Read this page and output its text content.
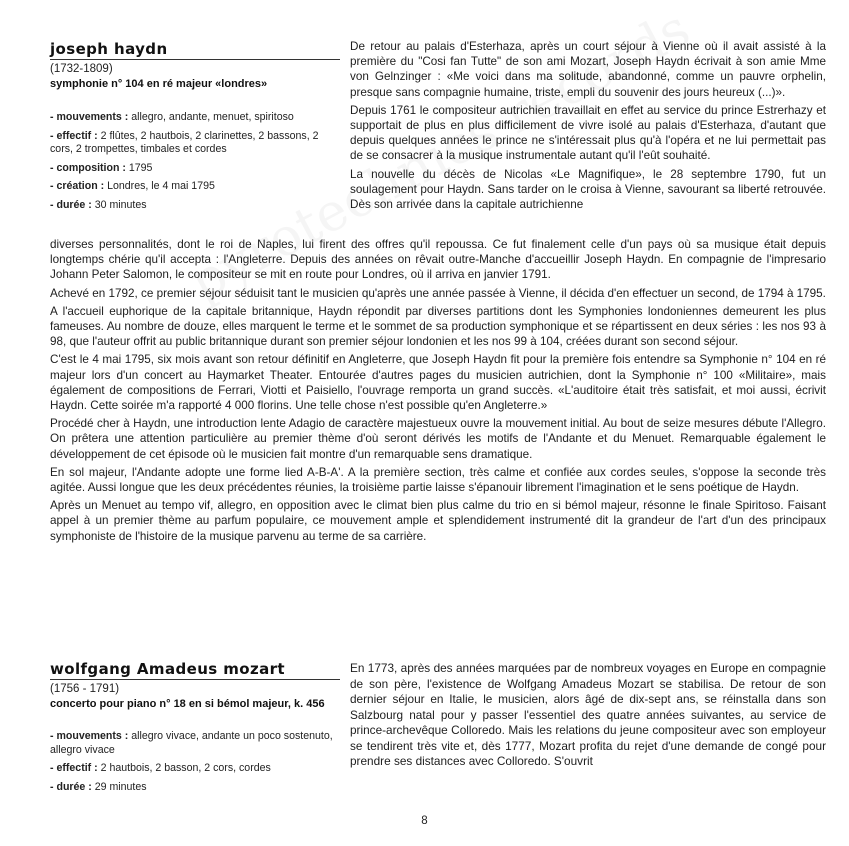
joseph haydn
(1732-1809)
symphonie n° 104 en ré majeur «londres»
- mouvements : allegro, andante, menuet, spiritoso
- effectif : 2 flûtes, 2 hautbois, 2 clarinettes, 2 bassons, 2 cors, 2 trompettes, timbales et cordes
- composition : 1795
- création : Londres, le 4 mai 1795
- durée : 30 minutes

De retour au palais d'Esterhaza, après un court séjour à Vienne où il avait assisté à la première du "Cosi fan Tutte" de son ami Mozart, Joseph Haydn écrivait à son amie Mme von Gelnzinger : «Me voici dans ma solitude, abandonné, comme un pauvre orphelin, presque sans compagnie humaine, triste, empli du souvenir des jours heureux (...)».

Depuis 1761 le compositeur autrichien travaillait en effet au service du prince Estrerhazy et supportait de plus en plus difficilement de vivre isolé au palais d'Esterhaza, d'autant que depuis quelques années le prince ne s'intéressait plus qu'à l'opéra et ne lui permettait pas de se consacrer à la musique instrumentale autant qu'il l'eût souhaité.

La nouvelle du décès de Nicolas «Le Magnifique», le 28 septembre 1790, fut un soulagement pour Haydn. Sans tarder on le croisa à Vienne, savourant sa liberté retrouvée. Dès son arrivée dans la capitale autrichienne

diverses personnalités, dont le roi de Naples, lui firent des offres qu'il repoussa. Ce fut finalement celle d'un pays où sa musique était depuis longtemps chérie qu'il accepta : l'Angleterre. Depuis des années on rêvait outre-Manche d'accueillir Joseph Haydn. En compagnie de l'impresario Johann Peter Salomon, le compositeur se mit en route pour Londres, où il arriva en janvier 1791.

Achevé en 1792, ce premier séjour séduisit tant le musicien qu'après une année passée à Vienne, il décida d'en effectuer un second, de 1794 à 1795.

A l'accueil euphorique de la capitale britannique, Haydn répondit par diverses partitions dont les Symphonies londoniennes demeurent les plus fameuses. Au nombre de douze, elles marquent le terme et le sommet de sa production symphonique et se répartissent en deux séries : les nos 93 à 98, que l'auteur offrit au public britannique durant son premier séjour londonien et les nos 99 à 104, créées durant son second séjour.

C'est le 4 mai 1795, six mois avant son retour définitif en Angleterre, que Joseph Haydn fit pour la première fois entendre sa Symphonie n° 104 en ré majeur lors d'un concert au Haymarket Theater. Entourée d'autres pages du musicien autrichien, dont la Symphonie n° 100 «Militaire», mais également de compositions de Ferrari, Viotti et Paisiello, l'ouvrage remporta un grand succès. «L'auditoire était très satisfait, et moi aussi, écrivit Haydn. Cette soirée m'a rapporté 4 000 florins. Une telle chose n'est possible qu'en Angleterre.»

Procédé cher à Haydn, une introduction lente Adagio de caractère majestueux ouvre la mouvement initial. Au bout de seize mesures débute l'Allegro. On prêtera une attention particulière au premier thème d'où seront dérivés les motifs de l'Andante et du Menuet. Remarquable également le développement de cet épisode où le musicien fait montre d'un remarquable sens dramatique.

En sol majeur, l'Andante adopte une forme lied A-B-A'. A la première section, très calme et confiée aux cordes seules, s'oppose la seconde très agitée. Aussi longue que les deux précédentes réunies, la troisième partie laisse s'épanouir librement l'imagination et le sens poétique de Haydn.

Après un Menuet au tempo vif, allegro, en opposition avec le climat bien plus calme du trio en si bémol majeur, résonne le finale Spiritoso. Faisant appel à un premier thème au parfum populaire, ce mouvement ample et splendidement instrumenté dit la grandeur de l'art d'un des principaux symphoniste de l'histoire de la musique parvenu au terme de sa carrière.

wolfgang Amadeus mozart
(1756 - 1791)
concerto pour piano n° 18 en si bémol majeur, k. 456
- mouvements : allegro vivace, andante un poco sostenuto, allegro vivace
- effectif : 2 hautbois, 2 basson, 2 cors, cordes
- durée : 29 minutes

En 1773, après des années marquées par de nombreux voyages en Europe en compagnie de son père, l'existence de Wolfgang Amadeus Mozart se stabilisa. De retour de son dernier séjour en Italie, le musicien, alors âgé de dix-sept ans, se réinstalla dans son Salzbourg natal pour y passer l'essentiel des quatre années suivantes, au service de prince-archevêque Colloredo. Mais les relations du jeune compositeur avec son employeur se tendirent très vite et, dès 1777, Mozart profita du rejet d'une demande de congé pour prendre ses distances avec Colloredo. S'ouvrit

8
